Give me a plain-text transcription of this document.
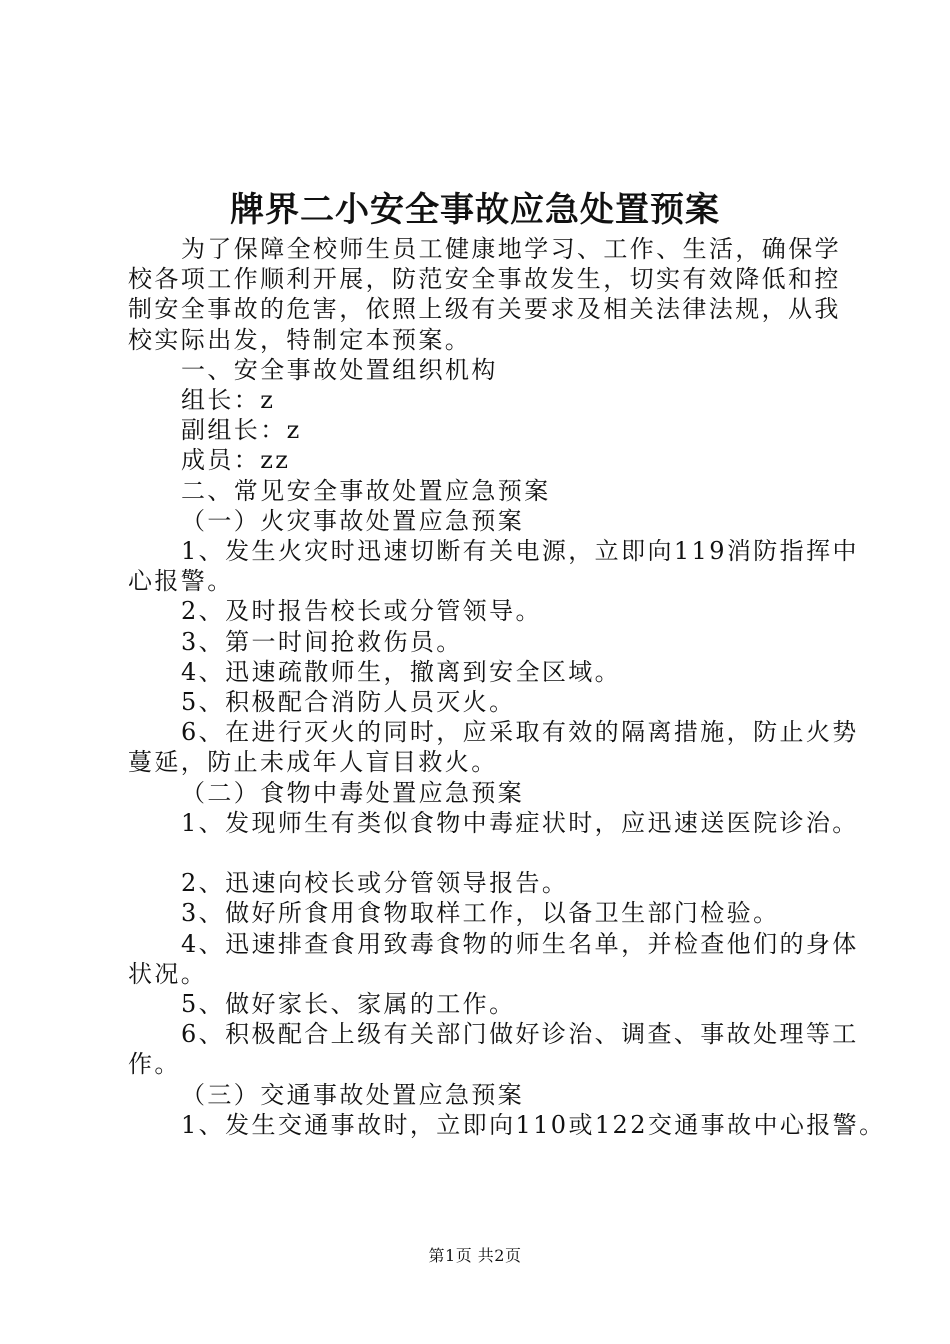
牌界二小安全事故应急处置预案

为了保障全校师生员工健康地学习、工作、生活，确保学

校各项工作顺利开展，防范安全事故发生，切实有效降低和控

制安全事故的危害，依照上级有关要求及相关法律法规，从我

校实际出发，特制定本预案。

一、安全事故处置组织机构

组长：z

副组长：z

成员：zz

二、常见安全事故处置应急预案

（一）火灾事故处置应急预案

1、发生火灾时迅速切断有关电源，立即向119消防指挥中

心报警。

2、及时报告校长或分管领导。

3、第一时间抢救伤员。

4、迅速疏散师生，撤离到安全区域。

5、积极配合消防人员灭火。

6、在进行灭火的同时，应采取有效的隔离措施，防止火势

蔓延，防止未成年人盲目救火。

（二）食物中毒处置应急预案

1、发现师生有类似食物中毒症状时，应迅速送医院诊治。

2、迅速向校长或分管领导报告。

3、做好所食用食物取样工作，以备卫生部门检验。

4、迅速排查食用致毒食物的师生名单，并检查他们的身体

状况。

5、做好家长、家属的工作。

6、积极配合上级有关部门做好诊治、调查、事故处理等工

作。

（三）交通事故处置应急预案

1、发生交通事故时，立即向110或122交通事故中心报警。

第1页 共2页
